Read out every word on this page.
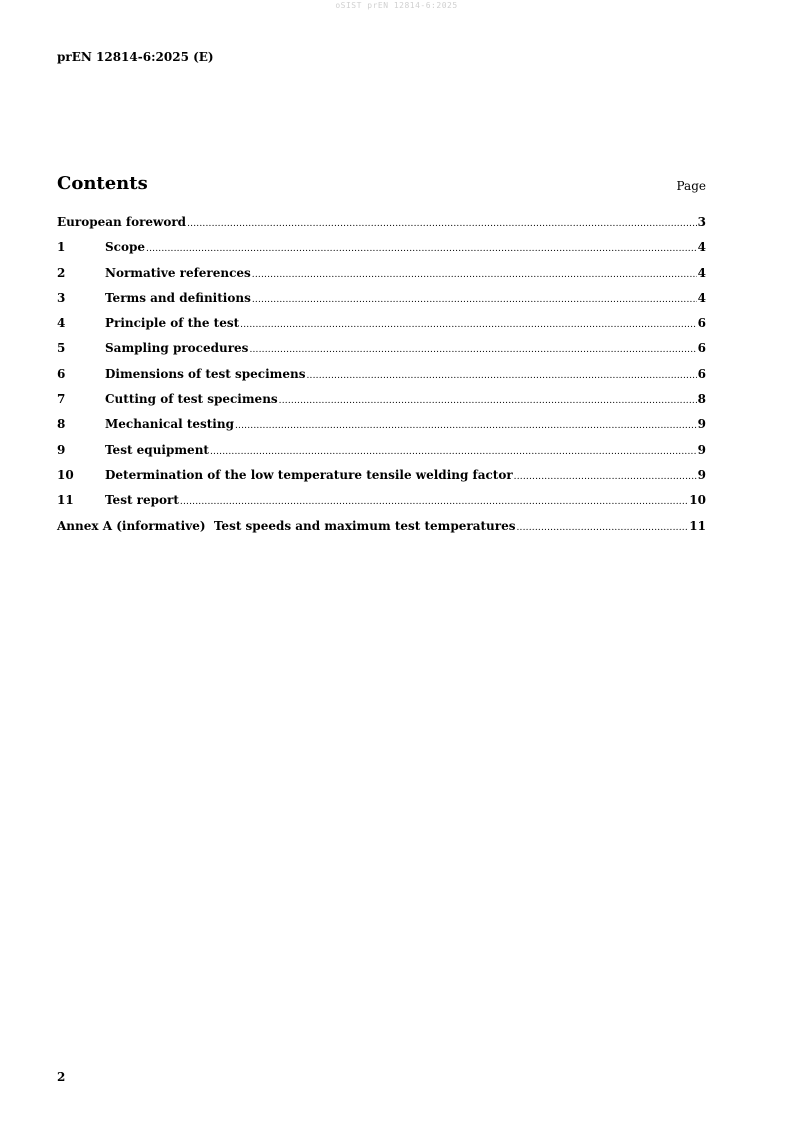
oSIST prEN 12814-6:2025
prEN 12814-6:2025 (E)
Contents	Page
European foreword .....	3
1	Scope .....	4
2	Normative references .....	4
3	Terms and definitions .....	4
4	Principle of the test .....	6
5	Sampling procedures .....	6
6	Dimensions of test specimens .....	6
7	Cutting of test specimens .....	8
8	Mechanical testing .....	9
9	Test equipment .....	9
10	Determination of the low temperature tensile welding factor .....	9
11	Test report .....	10
Annex A (informative)  Test speeds and maximum test temperatures .....	11
2
